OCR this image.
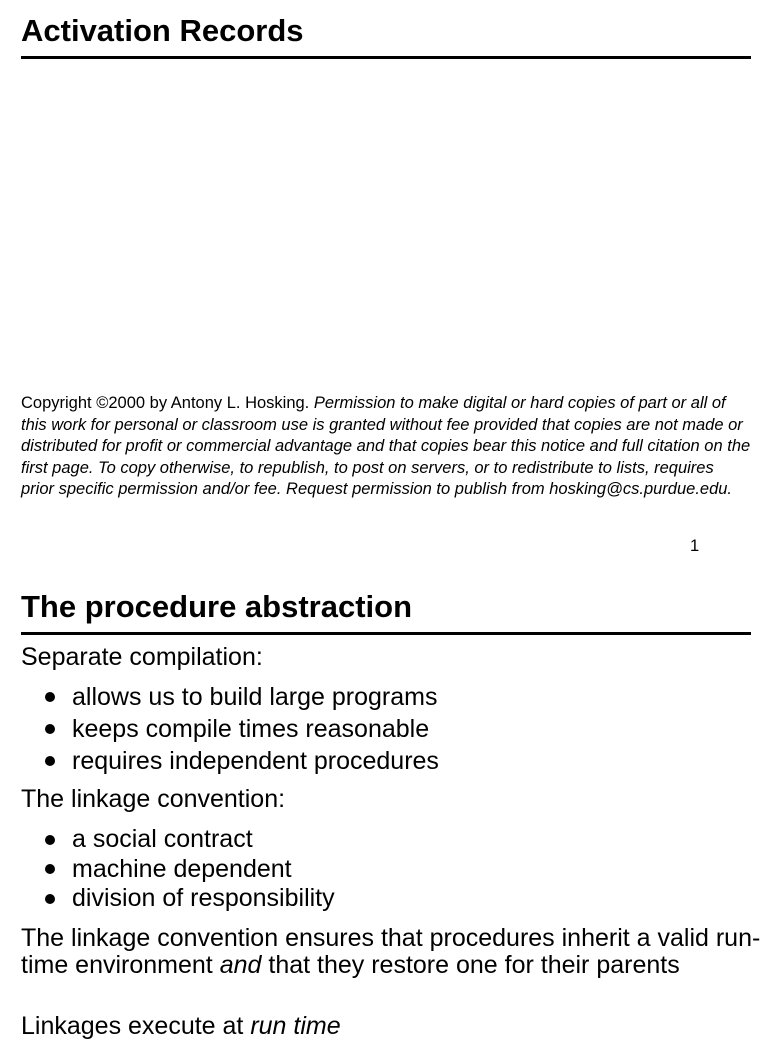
Activation Records
Copyright ©2000 by Antony L. Hosking. Permission to make digital or hard copies of part or all of this work for personal or classroom use is granted without fee provided that copies are not made or distributed for profit or commercial advantage and that copies bear this notice and full citation on the first page. To copy otherwise, to republish, to post on servers, or to redistribute to lists, requires prior specific permission and/or fee. Request permission to publish from hosking@cs.purdue.edu.
1
The procedure abstraction
Separate compilation:
allows us to build large programs
keeps compile times reasonable
requires independent procedures
The linkage convention:
a social contract
machine dependent
division of responsibility

The linkage convention ensures that procedures inherit a valid run-time environment and that they restore one for their parents

Linkages execute at run time
